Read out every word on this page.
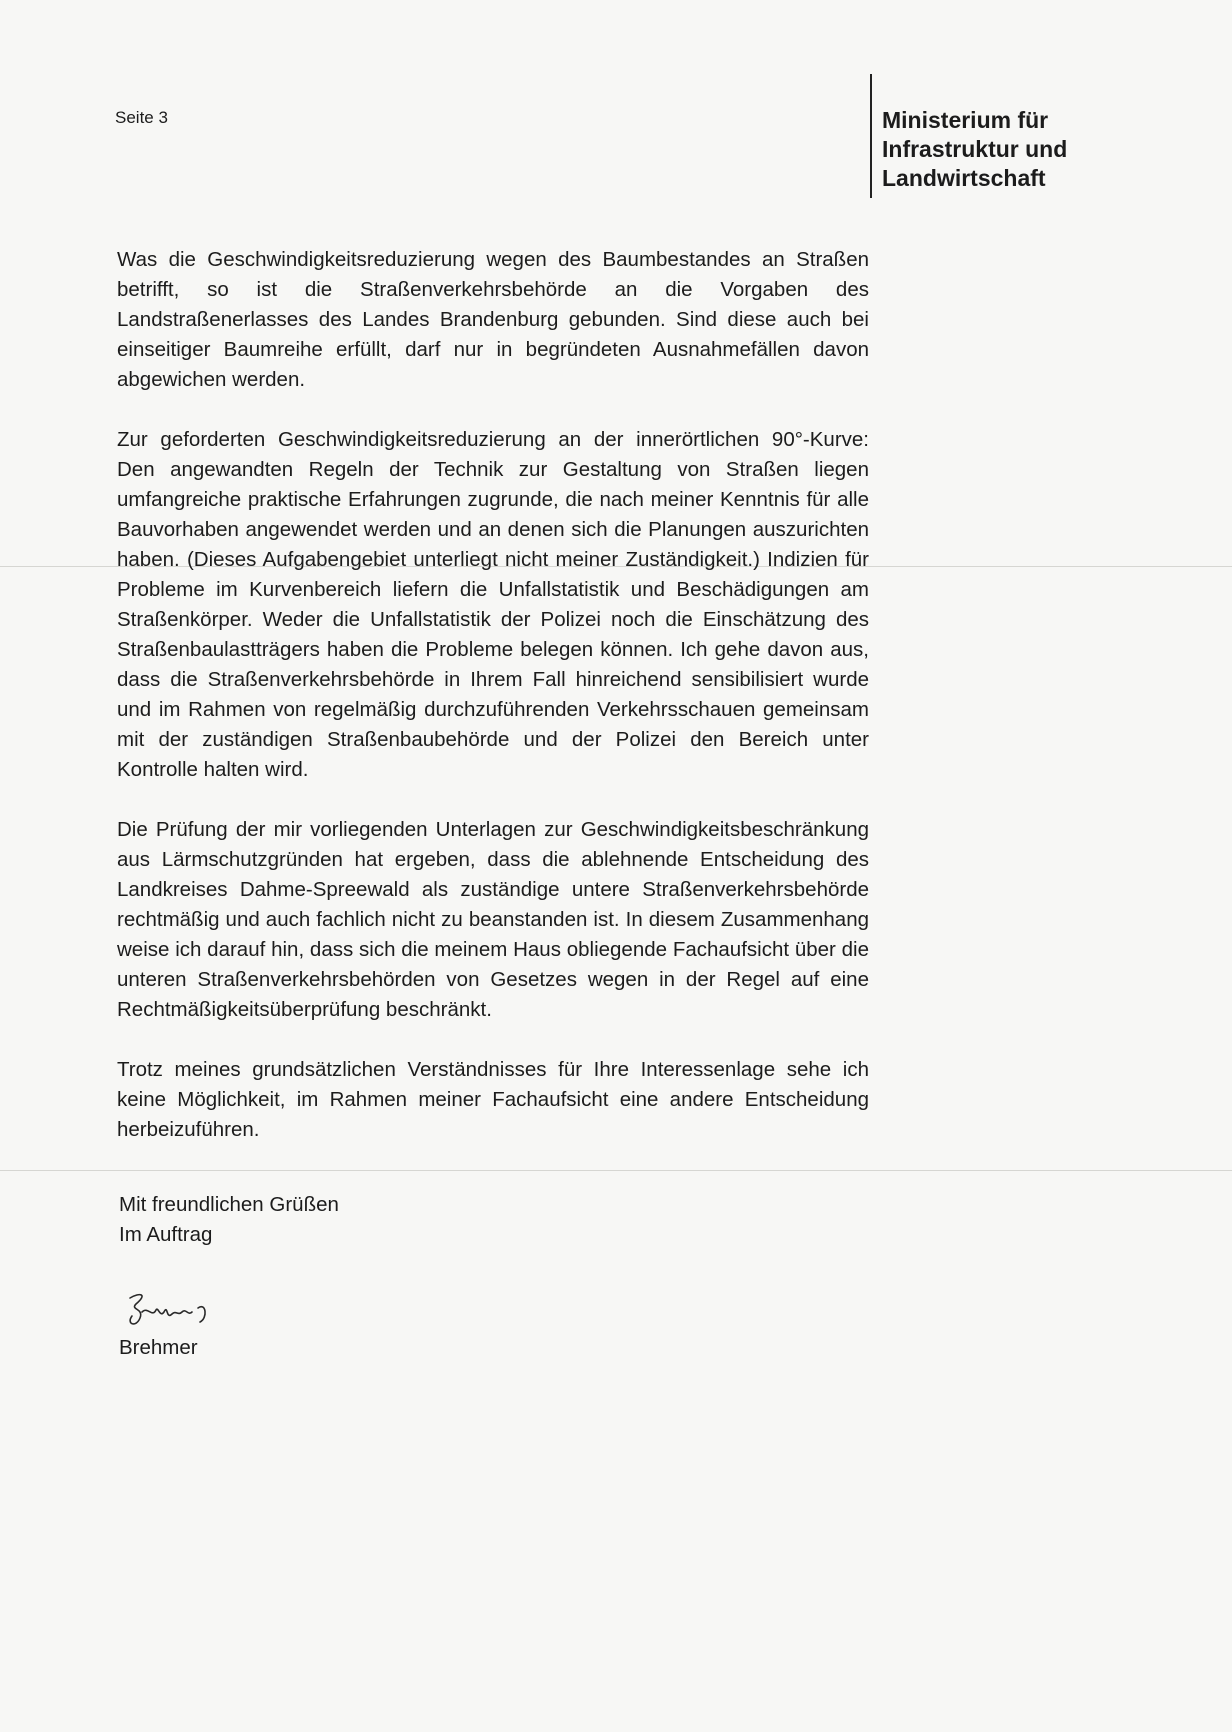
Seite 3	Ministerium für
Infrastruktur und
Landwirtschaft

Was die Geschwindigkeitsreduzierung wegen des Baumbestandes an Straßen betrifft, so ist die Straßenverkehrsbehörde an die Vorgaben des Landstraßenerlasses des Landes Brandenburg gebunden. Sind diese auch bei einseitiger Baumreihe erfüllt, darf nur in begründeten Ausnahmefällen davon abgewichen werden.

Zur geforderten Geschwindigkeitsreduzierung an der innerörtlichen 90°-Kurve: Den angewandten Regeln der Technik zur Gestaltung von Straßen liegen umfangreiche praktische Erfahrungen zugrunde, die nach meiner Kenntnis für alle Bauvorhaben angewendet werden und an denen sich die Planungen auszurichten haben. (Dieses Aufgabengebiet unterliegt nicht meiner Zuständigkeit.) Indizien für Probleme im Kurvenbereich liefern die Unfallstatistik und Beschädigungen am Straßenkörper. Weder die Unfallstatistik der Polizei noch die Einschätzung des Straßenbaulastträgers haben die Probleme belegen können. Ich gehe davon aus, dass die Straßenverkehrsbehörde in Ihrem Fall hinreichend sensibilisiert wurde und im Rahmen von regelmäßig durchzuführenden Verkehrsschauen gemeinsam mit der zuständigen Straßenbaubehörde und der Polizei den Bereich unter Kontrolle halten wird.

Die Prüfung der mir vorliegenden Unterlagen zur Geschwindigkeitsbeschränkung aus Lärmschutzgründen hat ergeben, dass die ablehnende Entscheidung des Landkreises Dahme-Spreewald als zuständige untere Straßenverkehrsbehörde rechtmäßig und auch fachlich nicht zu beanstanden ist. In diesem Zusammenhang weise ich darauf hin, dass sich die meinem Haus obliegende Fachaufsicht über die unteren Straßenverkehrsbehörden von Gesetzes wegen in der Regel auf eine Rechtmäßigkeitsüberprüfung beschränkt.

Trotz meines grundsätzlichen Verständnisses für Ihre Interessenlage sehe ich keine Möglichkeit, im Rahmen meiner Fachaufsicht eine andere Entscheidung herbeizuführen.

Mit freundlichen Grüßen
Im Auftrag
Brehmer
